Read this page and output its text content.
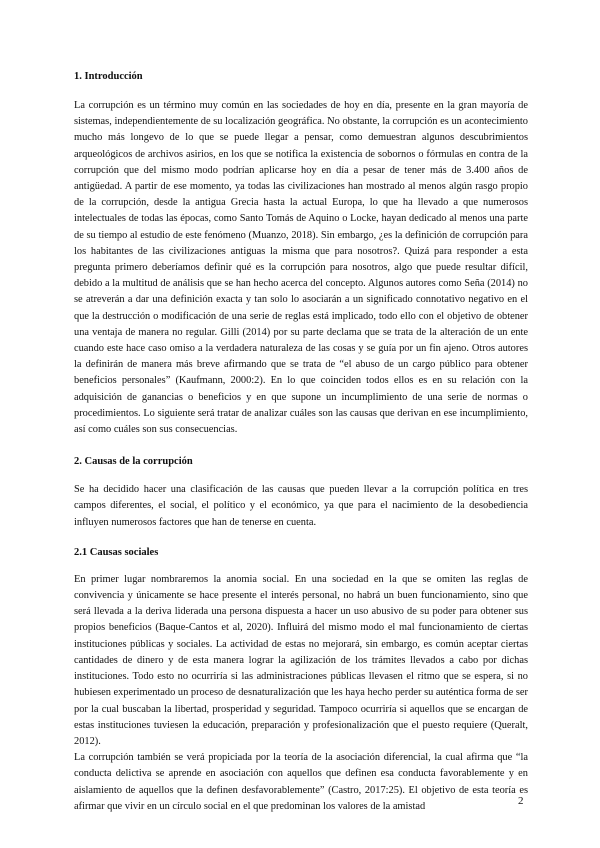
1. Introducción

La corrupción es un término muy común en las sociedades de hoy en día, presente en la gran mayoría de sistemas, independientemente de su localización geográfica. No obstante, la corrupción es un acontecimiento mucho más longevo de lo que se puede llegar a pensar, como demuestran algunos descubrimientos arqueológicos de archivos asirios, en los que se notifica la existencia de sobornos o fórmulas en contra de la corrupción que del mismo modo podrían aplicarse hoy en día a pesar de tener más de 3.400 años de antigüedad. A partir de ese momento, ya todas las civilizaciones han mostrado al menos algún rasgo propio de la corrupción, desde la antigua Grecia hasta la actual Europa, lo que ha llevado a que numerosos intelectuales de todas las épocas, como Santo Tomás de Aquino o Locke, hayan dedicado al menos una parte de su tiempo al estudio de este fenómeno (Muanzo, 2018). Sin embargo, ¿es la definición de corrupción para los habitantes de las civilizaciones antiguas la misma que para nosotros?. Quizá para responder a esta pregunta primero deberíamos definir qué es la corrupción para nosotros, algo que puede resultar difícil, debido a la multitud de análisis que se han hecho acerca del concepto. Algunos autores como Seña (2014) no se atreverán a dar una definición exacta y tan solo lo asociarán a un significado connotativo negativo en el que la destrucción o modificación de una serie de reglas está implicado, todo ello con el objetivo de obtener una ventaja de manera no regular. Gilli (2014) por su parte declama que se trata de la alteración de un ente cuando este hace caso omiso a la verdadera naturaleza de las cosas y se guía por un fin ajeno. Otros autores la definirán de manera más breve afirmando que se trata de “el abuso de un cargo público para obtener beneficios personales” (Kaufmann, 2000:2). En lo que coinciden todos ellos es en su relación con la adquisición de ganancias o beneficios y en que supone un incumplimiento de una serie de normas o procedimientos. Lo siguiente será tratar de analizar cuáles son las causas que derivan en ese incumplimiento, así como cuáles son sus consecuencias.

2. Causas de la corrupción

Se ha decidido hacer una clasificación de las causas que pueden llevar a la corrupción política en tres campos diferentes, el social, el político y el económico, ya que para el nacimiento de la desobediencia influyen numerosos factores que han de tenerse en cuenta.

2.1 Causas sociales

En primer lugar nombraremos la anomia social. En una sociedad en la que se omiten las reglas de convivencia y únicamente se hace presente el interés personal, no habrá un buen funcionamiento, sino que será llevada a la deriva liderada una persona dispuesta a hacer un uso abusivo de su poder para obtener sus propios beneficios (Baque-Cantos et al, 2020). Influirá del mismo modo el mal funcionamiento de ciertas instituciones públicas y sociales. La actividad de estas no mejorará, sin embargo, es común aceptar ciertas cantidades de dinero y de esta manera lograr la agilización de los trámites llevados a cabo por dichas instituciones. Todo esto no ocurriría si las administraciones públicas llevasen el ritmo que se espera, si no hubiesen experimentado un proceso de desnaturalización que les haya hecho perder su auténtica forma de ser por la cual buscaban la libertad, prosperidad y seguridad. Tampoco ocurriría si aquellos que se encargan de estas instituciones tuviesen la educación, preparación y profesionalización que el puesto requiere (Queralt, 2012).

La corrupción también se verá propiciada por la teoría de la asociación diferencial, la cual afirma que “la conducta delictiva se aprende en asociación con aquellos que definen esa conducta favorablemente y en aislamiento de aquellos que la definen desfavorablemente” (Castro, 2017:25). El objetivo de esta teoría es afirmar que vivir en un círculo social en el que predominan los valores de la amistad	2
